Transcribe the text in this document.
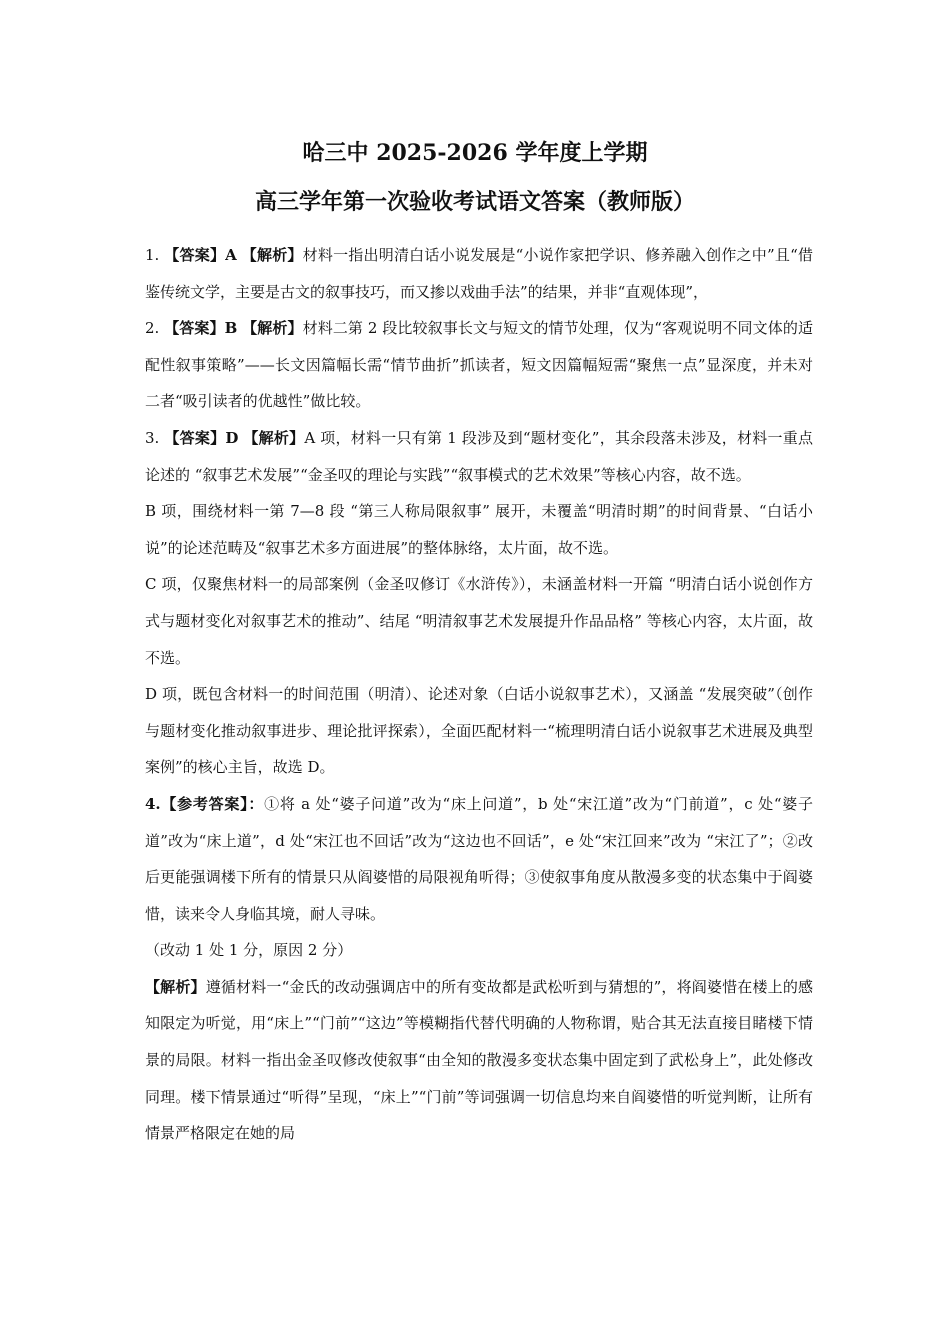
哈三中 2025-2026 学年度上学期
高三学年第一次验收考试语文答案（教师版）

1. 【答案】A 【解析】材料一指出明清白话小说发展是“小说作家把学识、修养融入创作之中”且“借鉴传统文学，主要是古文的叙事技巧，而又掺以戏曲手法”的结果，并非“直观体现”，

2. 【答案】B 【解析】材料二第 2 段比较叙事长文与短文的情节处理，仅为“客观说明不同文体的适配性叙事策略”——长文因篇幅长需“情节曲折”抓读者，短文因篇幅短需“聚焦一点”显深度，并未对二者“吸引读者的优越性”做比较。

3. 【答案】D 【解析】A 项，材料一只有第 1 段涉及到“题材变化”，其余段落未涉及，材料一重点论述的 “叙事艺术发展”“金圣叹的理论与实践”“叙事模式的艺术效果”等核心内容，故不选。

B 项，围绕材料一第 7—8 段 “第三人称局限叙事” 展开，未覆盖“明清时期”的时间背景、“白话小说”的论述范畴及“叙事艺术多方面进展”的整体脉络，太片面，故不选。

C 项，仅聚焦材料一的局部案例（金圣叹修订《水浒传》），未涵盖材料一开篇 “明清白话小说创作方式与题材变化对叙事艺术的推动”、结尾 “明清叙事艺术发展提升作品品格” 等核心内容，太片面，故不选。

D 项，既包含材料一的时间范围（明清）、论述对象（白话小说叙事艺术），又涵盖 “发展突破”（创作与题材变化推动叙事进步、理论批评探索），全面匹配材料一“梳理明清白话小说叙事艺术进展及典型案例”的核心主旨，故选 D。

4.【参考答案】：①将 a 处“婆子问道”改为“床上问道”，b 处“宋江道”改为“门前道”，c 处“婆子道”改为“床上道”，d 处“宋江也不回话”改为“这边也不回话”，e 处“宋江回来”改为 “宋江了”；②改后更能强调楼下所有的情景只从阎婆惜的局限视角听得；③使叙事角度从散漫多变的状态集中于阎婆惜，读来令人身临其境，耐人寻味。

（改动 1 处 1 分，原因 2 分）

【解析】遵循材料一“金氏的改动强调店中的所有变故都是武松听到与猜想的”，将阎婆惜在楼上的感知限定为听觉，用“床上”“门前”“这边”等模糊指代替代明确的人物称谓，贴合其无法直接目睹楼下情景的局限。材料一指出金圣叹修改使叙事“由全知的散漫多变状态集中固定到了武松身上”，此处修改同理。楼下情景通过“听得”呈现，“床上”“门前”等词强调一切信息均来自阎婆惜的听觉判断，让所有情景严格限定在她的局
